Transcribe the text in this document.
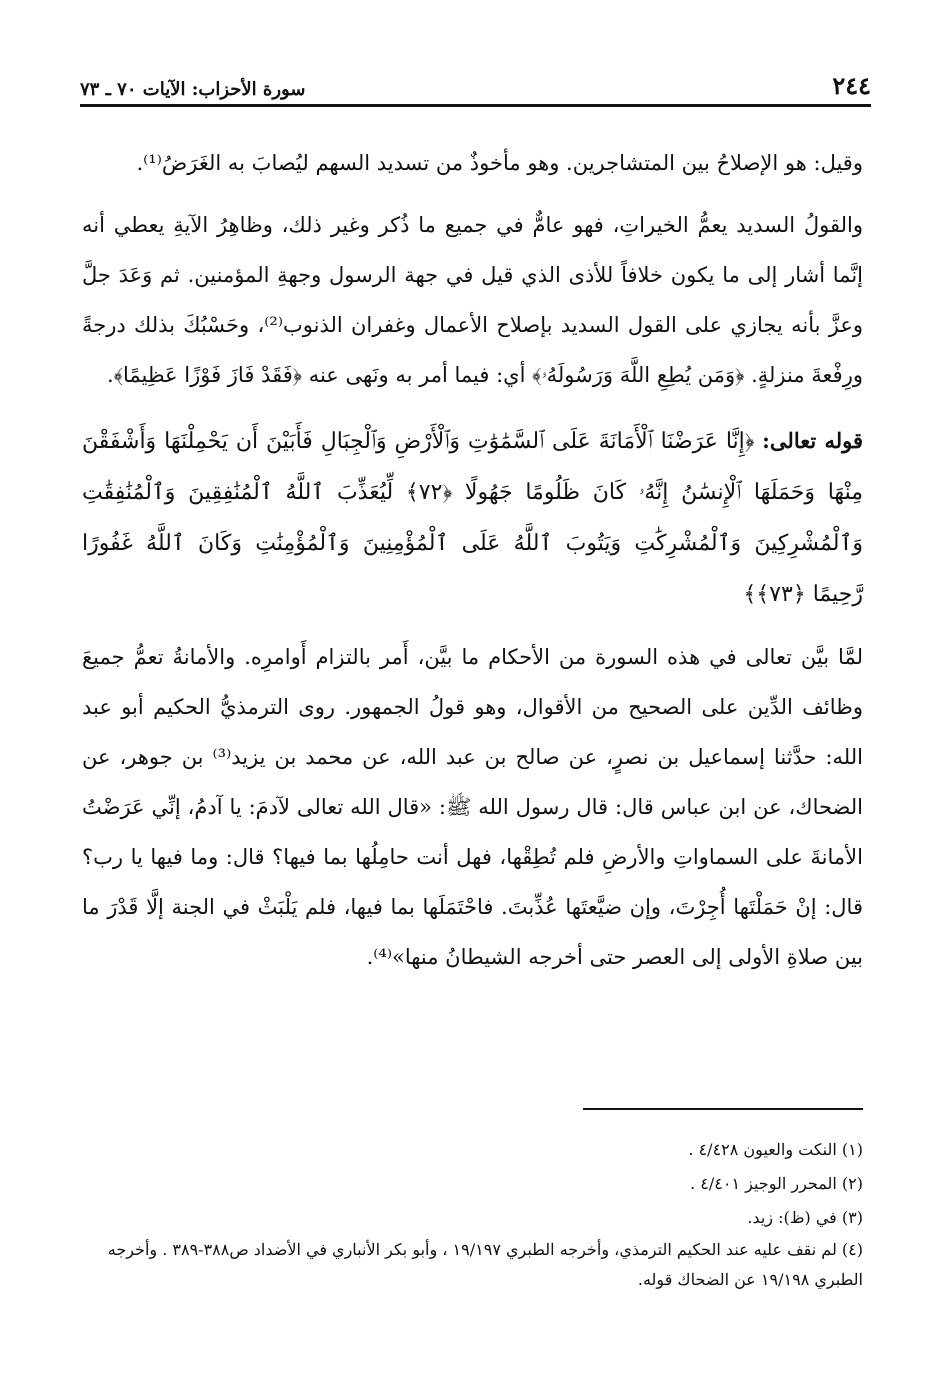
سورة الأحزاب: الآيات ٧٠ ـ ٧٣	٢٤٤

وقيل: هو الإصلاحُ بين المتشاجرين. وهو مأخوذٌ من تسديد السهم ليُصابَ به الغَرَضُ⁽¹⁾.

والقولُ السديد يعمُّ الخيراتِ، فهو عامٌّ في جميع ما ذُكر وغير ذلك، وظاهِرُ الآيةِ يعطي أنه إنَّما أشار إلى ما يكون خلافاً للأذى الذي قيل في جهة الرسول وجهةِ المؤمنين. ثم وَعَدَ جلَّ وعزَّ بأنه يجازي على القول السديد بإصلاح الأعمال وغفران الذنوب⁽²⁾، وحَسْبُكَ بذلك درجةً ورِفْعةَ منزلةٍ. ﴿وَمَن يُطِعِ اللَّهَ وَرَسُولَهُۥ﴾ أي: فيما أمر به ونَهى عنه ﴿فَقَدْ فَازَ فَوْزًا عَظِيمًا﴾.

قوله تعالى: ﴿إِنَّا عَرَضْنَا ٱلْأَمَانَةَ عَلَى ٱلسَّمَٰوَٰتِ وَٱلْأَرْضِ وَٱلْجِبَالِ فَأَبَيْنَ أَن يَحْمِلْنَهَا وَأَشْفَقْنَ مِنْهَا وَحَمَلَهَا ٱلْإِنسَٰنُ إِنَّهُۥ كَانَ ظَلُومًا جَهُولًا ﴿٧٢﴾ لِّيُعَذِّبَ ٱللَّهُ ٱلْمُنَٰفِقِينَ وَٱلْمُنَٰفِقَٰتِ وَٱلْمُشْرِكِينَ وَٱلْمُشْرِكَٰتِ وَيَتُوبَ ٱللَّهُ عَلَى ٱلْمُؤْمِنِينَ وَٱلْمُؤْمِنَٰتِ وَكَانَ ٱللَّهُ غَفُورًا رَّحِيمًا ﴿٧٣﴾﴾

لمَّا بيَّن تعالى في هذه السورة من الأحكام ما بيَّن، أَمر بالتزام أَوامرِه. والأمانةُ تعمُّ جميعَ وظائف الدِّين على الصحيح من الأقوال، وهو قولُ الجمهور. روى الترمذيُّ الحكيم أبو عبد الله: حدَّثنا إسماعيل بن نصرٍ، عن صالح بن عبد الله، عن محمد بن يزيد⁽³⁾ بن جوهر، عن الضحاك، عن ابن عباس قال: قال رسول الله ﷺ: «قال الله تعالى لآدمَ: يا آدمُ، إنِّي عَرَضْتُ الأمانةَ على السماواتِ والأرضِ فلم تُطِقْها، فهل أنت حامِلُها بما فيها؟ قال: وما فيها يا رب؟ قال: إنْ حَمَلْتَها أُجِرْتَ، وإن ضيَّعتَها عُذِّبتَ. فاحْتَمَلَها بما فيها، فلم يَلْبَثْ في الجنة إلَّا قَدْرَ ما بين صلاةِ الأولى إلى العصر حتى أخرجه الشيطانُ منها»⁽⁴⁾.

(١) النكت والعيون ٤/٤٢٨ .
(٢) المحرر الوجيز ٤/٤٠١ .
(٣) في (ظ): زيد.
(٤) لم نقف عليه عند الحكيم الترمذي، وأخرجه الطبري ١٩/١٩٧ ، وأبو بكر الأنباري في الأضداد ص٣٨٨-٣٨٩ . وأخرجه الطبري ١٩/١٩٨ عن الضحاك قوله.
